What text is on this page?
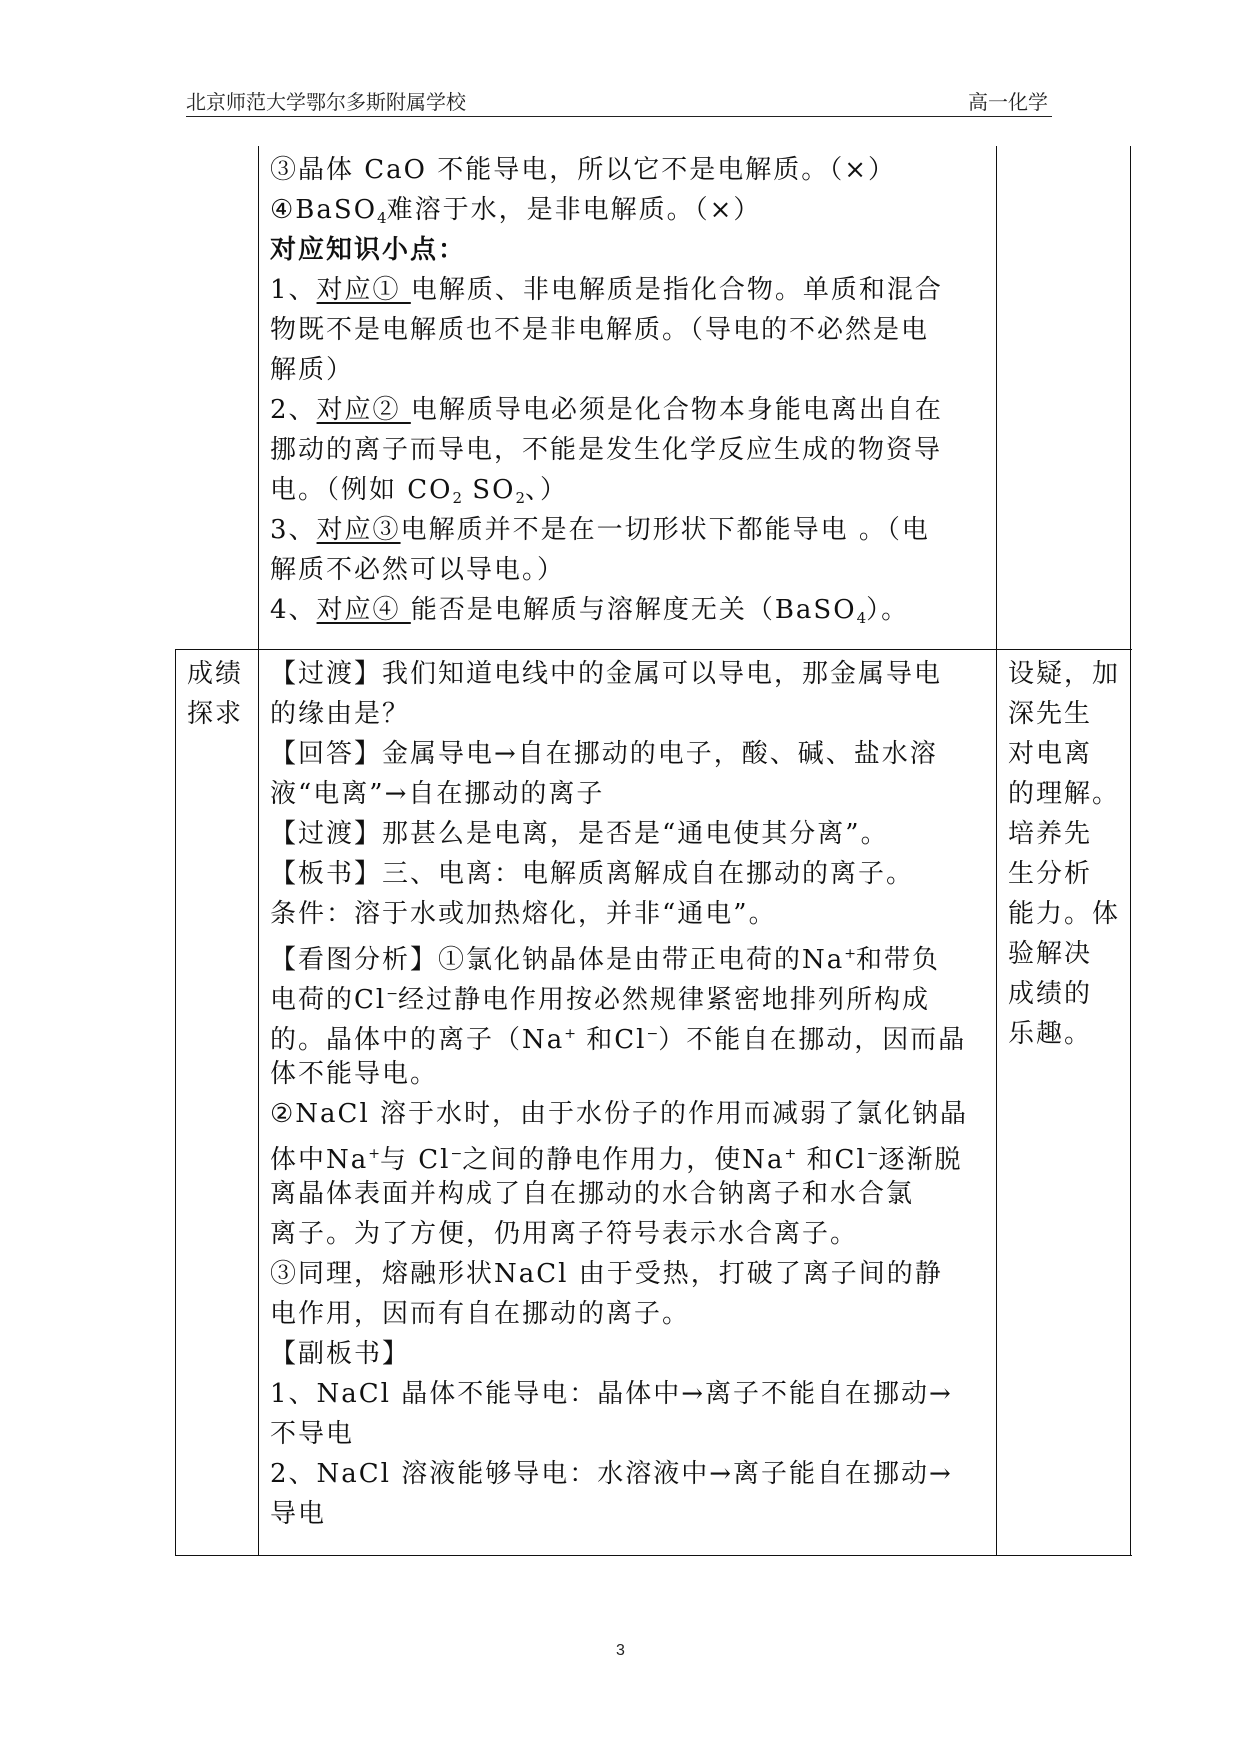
北京师范大学鄂尔多斯附属学校	高一化学
③晶体 CaO 不能导电，所以它不是电解质。（×）
④BaSO$_4$难溶于水，是非电解质。（×）
对应知识小点：
1、对应① 电解质、非电解质是指化合物。单质和混合
物既不是电解质也不是非电解质。（导电的不必然是电
解质）
2、对应② 电解质导电必须是化合物本身能电离出自在
挪动的离子而导电，不能是发生化学反应生成的物资导
电。（例如 $CO_2$ $SO_2$、）
3、对应③电解质并不是在一切形状下都能导电 。（电
解质不必然可以导电。）
4、对应④ 能否是电解质与溶解度无关（BaSO$_4$）。
成绩
探求
【过渡】我们知道电线中的金属可以导电，那金属导电
的缘由是？
【回答】金属导电→自在挪动的电子，酸、碱、盐水溶
液“电离”→自在挪动的离子
【过渡】那甚么是电离，是否是“通电使其分离”。
【板书】三、电离：电解质离解成自在挪动的离子。
条件：溶于水或加热熔化，并非“通电”。
【看图分析】①氯化钠晶体是由带正电荷的Na+和带负
电荷的Cl−经过静电作用按必然规律紧密地排列所构成
的。晶体中的离子（Na+ 和Cl−）不能自在挪动，因而晶
体不能导电。
②NaCl 溶于水时，由于水份子的作用而减弱了氯化钠晶
体中Na+与 Cl−之间的静电作用力，使Na+ 和Cl−逐渐脱
离晶体表面并构成了自在挪动的水合钠离子和水合氯
离子。为了方便，仍用离子符号表示水合离子。
③同理，熔融形状NaCl 由于受热，打破了离子间的静
电作用，因而有自在挪动的离子。
【副板书】
1、NaCl 晶体不能导电：晶体中→离子不能自在挪动→
不导电
2、NaCl 溶液能够导电：水溶液中→离子能自在挪动→
导电
设疑，加
深先生
对电离
的理解。
培养先
生分析
能力。体
验解决
成绩的
乐趣。
3
